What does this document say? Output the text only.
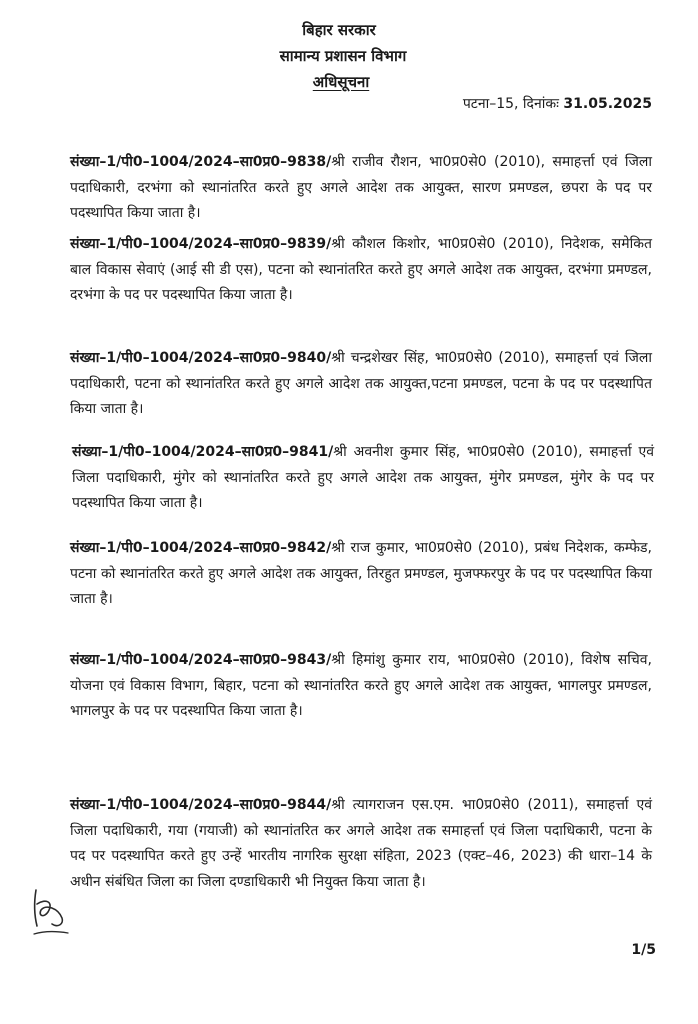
बिहार सरकार
सामान्य प्रशासन विभाग
अधिसूचना
पटना–15, दिनांकः 31.05.2025
संख्या–1/पी0–1004/2024–सा0प्र0–9838/श्री राजीव रौशन, भा0प्र0से0 (2010), समाहर्त्ता एवं जिला पदाधिकारी, दरभंगा को स्थानांतरित करते हुए अगले आदेश तक आयुक्त, सारण प्रमण्डल, छपरा के पद पर पदस्थापित किया जाता है।
संख्या–1/पी0–1004/2024–सा0प्र0–9839/श्री कौशल किशोर, भा0प्र0से0 (2010), निदेशक, समेकित बाल विकास सेवाएं (आई सी डी एस), पटना को स्थानांतरित करते हुए अगले आदेश तक आयुक्त, दरभंगा प्रमण्डल, दरभंगा के पद पर पदस्थापित किया जाता है।
संख्या–1/पी0–1004/2024–सा0प्र0–9840/श्री चन्द्रशेखर सिंह, भा0प्र0से0 (2010), समाहर्त्ता एवं जिला पदाधिकारी, पटना को स्थानांतरित करते हुए अगले आदेश तक आयुक्त,पटना प्रमण्डल, पटना के पद पर पदस्थापित किया जाता है।
संख्या–1/पी0–1004/2024–सा0प्र0–9841/श्री अवनीश कुमार सिंह, भा0प्र0से0 (2010), समाहर्त्ता एवं जिला पदाधिकारी, मुंगेर को स्थानांतरित करते हुए अगले आदेश तक आयुक्त, मुंगेर प्रमण्डल, मुंगेर के पद पर पदस्थापित किया जाता है।
संख्या–1/पी0–1004/2024–सा0प्र0–9842/श्री राज कुमार, भा0प्र0से0 (2010), प्रबंध निदेशक, कम्फेड, पटना को स्थानांतरित करते हुए अगले आदेश तक आयुक्त, तिरहुत प्रमण्डल, मुजफ्फरपुर के पद पर पदस्थापित किया जाता है।
संख्या–1/पी0–1004/2024–सा0प्र0–9843/श्री हिमांशु कुमार राय, भा0प्र0से0 (2010), विशेष सचिव, योजना एवं विकास विभाग, बिहार, पटना को स्थानांतरित करते हुए अगले आदेश तक आयुक्त, भागलपुर प्रमण्डल, भागलपुर के पद पर पदस्थापित किया जाता है।
संख्या–1/पी0–1004/2024–सा0प्र0–9844/श्री त्यागराजन एस.एम. भा0प्र0से0 (2011), समाहर्त्ता एवं जिला पदाधिकारी, गया (गयाजी) को स्थानांतरित कर अगले आदेश तक समाहर्त्ता एवं जिला पदाधिकारी, पटना के पद पर पदस्थापित करते हुए उन्हें भारतीय नागरिक सुरक्षा संहिता, 2023 (एक्ट–46, 2023) की धारा–14 के अधीन संबंधित जिला का जिला दण्डाधिकारी भी नियुक्त किया जाता है।
1/5
